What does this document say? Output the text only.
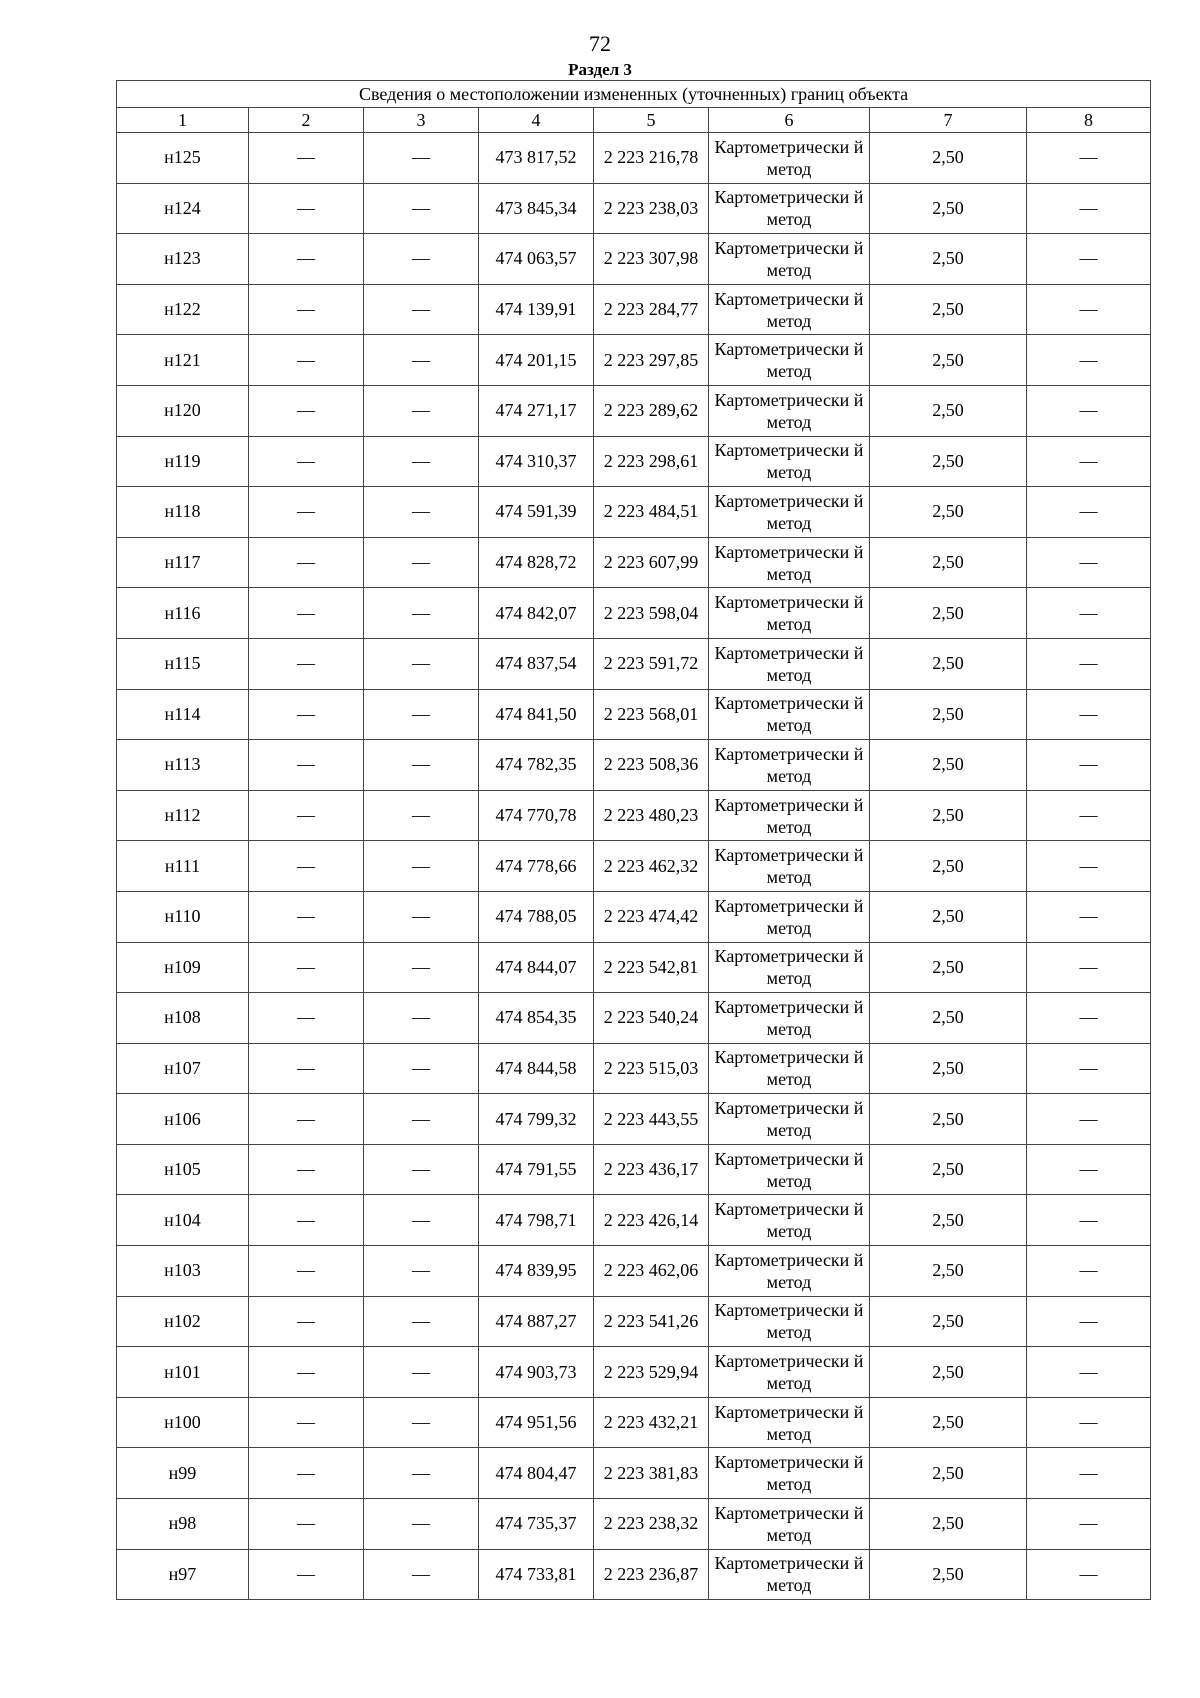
72
Раздел 3
Сведения о местоположении измененных (уточненных) границ объекта							
1	2	3	4	5	6	7	8
н125	—	—	473 817,52	2 223 216,78	Картометрически й метод	2,50	—
н124	—	—	473 845,34	2 223 238,03	Картометрически й метод	2,50	—
н123	—	—	474 063,57	2 223 307,98	Картометрически й метод	2,50	—
н122	—	—	474 139,91	2 223 284,77	Картометрически й метод	2,50	—
н121	—	—	474 201,15	2 223 297,85	Картометрически й метод	2,50	—
н120	—	—	474 271,17	2 223 289,62	Картометрически й метод	2,50	—
н119	—	—	474 310,37	2 223 298,61	Картометрически й метод	2,50	—
н118	—	—	474 591,39	2 223 484,51	Картометрически й метод	2,50	—
н117	—	—	474 828,72	2 223 607,99	Картометрически й метод	2,50	—
н116	—	—	474 842,07	2 223 598,04	Картометрически й метод	2,50	—
н115	—	—	474 837,54	2 223 591,72	Картометрически й метод	2,50	—
н114	—	—	474 841,50	2 223 568,01	Картометрически й метод	2,50	—
н113	—	—	474 782,35	2 223 508,36	Картометрически й метод	2,50	—
н112	—	—	474 770,78	2 223 480,23	Картометрически й метод	2,50	—
н111	—	—	474 778,66	2 223 462,32	Картометрически й метод	2,50	—
н110	—	—	474 788,05	2 223 474,42	Картометрически й метод	2,50	—
н109	—	—	474 844,07	2 223 542,81	Картометрически й метод	2,50	—
н108	—	—	474 854,35	2 223 540,24	Картометрически й метод	2,50	—
н107	—	—	474 844,58	2 223 515,03	Картометрически й метод	2,50	—
н106	—	—	474 799,32	2 223 443,55	Картометрически й метод	2,50	—
н105	—	—	474 791,55	2 223 436,17	Картометрически й метод	2,50	—
н104	—	—	474 798,71	2 223 426,14	Картометрически й метод	2,50	—
н103	—	—	474 839,95	2 223 462,06	Картометрически й метод	2,50	—
н102	—	—	474 887,27	2 223 541,26	Картометрически й метод	2,50	—
н101	—	—	474 903,73	2 223 529,94	Картометрически й метод	2,50	—
н100	—	—	474 951,56	2 223 432,21	Картометрически й метод	2,50	—
н99	—	—	474 804,47	2 223 381,83	Картометрически й метод	2,50	—
н98	—	—	474 735,37	2 223 238,32	Картометрически й метод	2,50	—
н97	—	—	474 733,81	2 223 236,87	Картометрически й метод	2,50	—
